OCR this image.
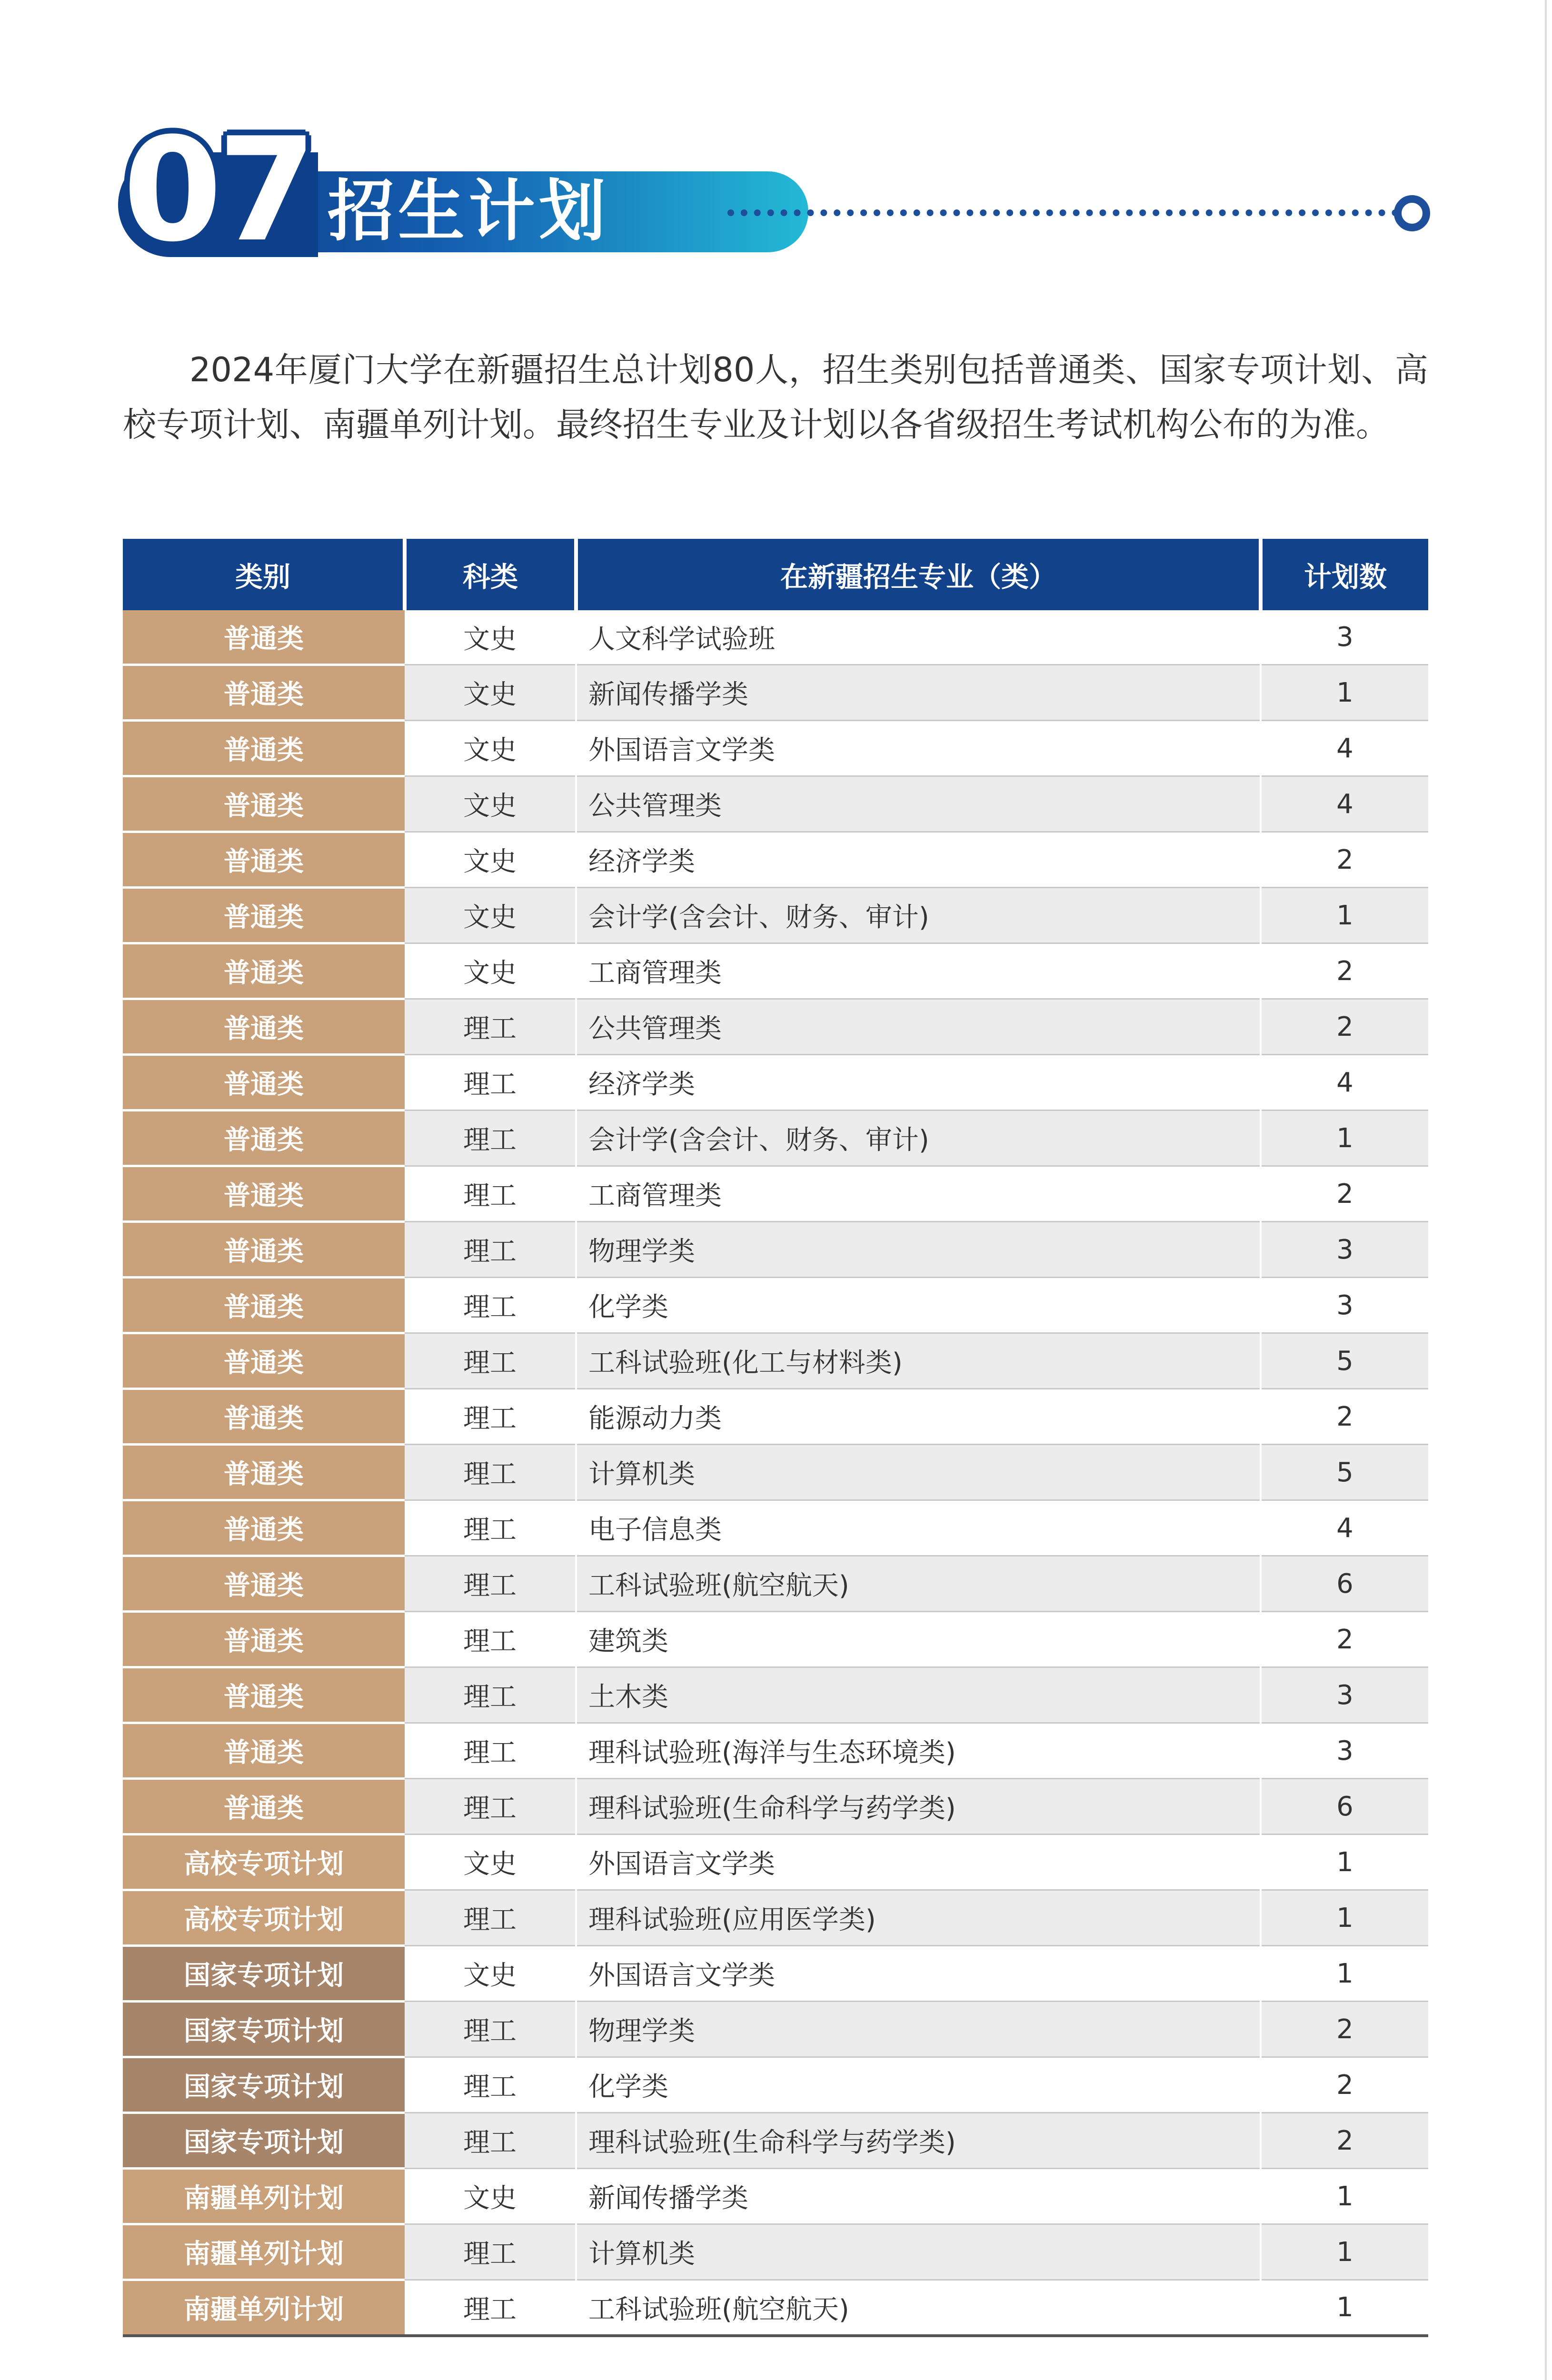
07 招生计划

2024年厦门大学在新疆招生总计划80人，招生类别包括普通类、国家专项计划、高校专项计划、南疆单列计划。最终招生专业及计划以各省级招生考试机构公布的为准。

类别	科类	在新疆招生专业（类）	计划数
普通类	文史	人文科学试验班	3
普通类	文史	新闻传播学类	1
普通类	文史	外国语言文学类	4
普通类	文史	公共管理类	4
普通类	文史	经济学类	2
普通类	文史	会计学(含会计、财务、审计)	1
普通类	文史	工商管理类	2
普通类	理工	公共管理类	2
普通类	理工	经济学类	4
普通类	理工	会计学(含会计、财务、审计)	1
普通类	理工	工商管理类	2
普通类	理工	物理学类	3
普通类	理工	化学类	3
普通类	理工	工科试验班(化工与材料类)	5
普通类	理工	能源动力类	2
普通类	理工	计算机类	5
普通类	理工	电子信息类	4
普通类	理工	工科试验班(航空航天)	6
普通类	理工	建筑类	2
普通类	理工	土木类	3
普通类	理工	理科试验班(海洋与生态环境类)	3
普通类	理工	理科试验班(生命科学与药学类)	6
高校专项计划	文史	外国语言文学类	1
高校专项计划	理工	理科试验班(应用医学类)	1
国家专项计划	文史	外国语言文学类	1
国家专项计划	理工	物理学类	2
国家专项计划	理工	化学类	2
国家专项计划	理工	理科试验班(生命科学与药学类)	2
南疆单列计划	文史	新闻传播学类	1
南疆单列计划	理工	计算机类	1
南疆单列计划	理工	工科试验班(航空航天)	1
